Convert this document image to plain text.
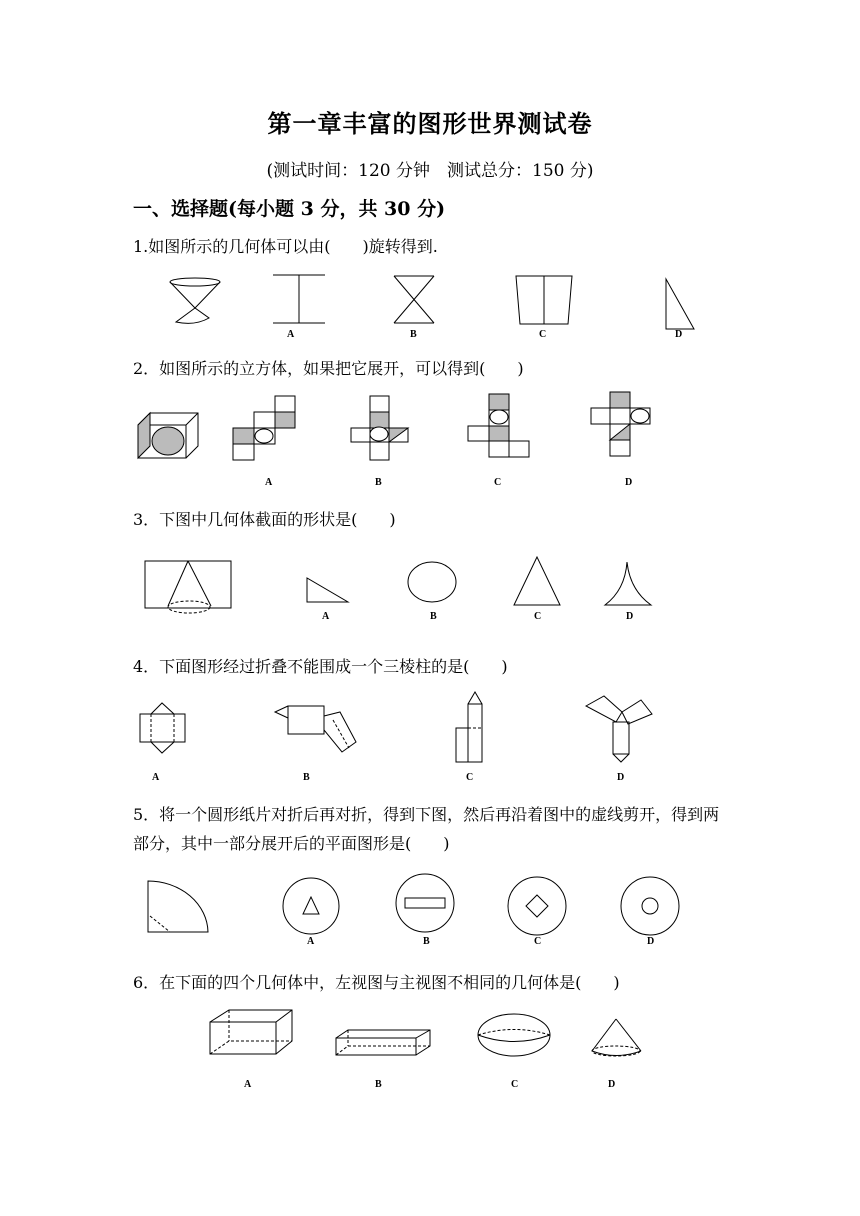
第一章丰富的图形世界测试卷
(测试时间：120 分钟　测试总分：150 分)
一、选择题(每小题 3 分，共 30 分)
1.如图所示的几何体可以由(　　)旋转得到.
2．如图所示的立方体，如果把它展开，可以得到(　　)
3．下图中几何体截面的形状是(　　)
4．下面图形经过折叠不能围成一个三棱柱的是(　　)
5．将一个圆形纸片对折后再对折，得到下图，然后再沿着图中的虚线剪开，得到两部分，其中一部分展开后的平面图形是(　　)
6．在下面的四个几何体中，左视图与主视图不相同的几何体是(　　)
A	B	C	D
A	B	C	D
A	B	C	D
A	B	C	D
A	B	C	D
A	B	C	D
